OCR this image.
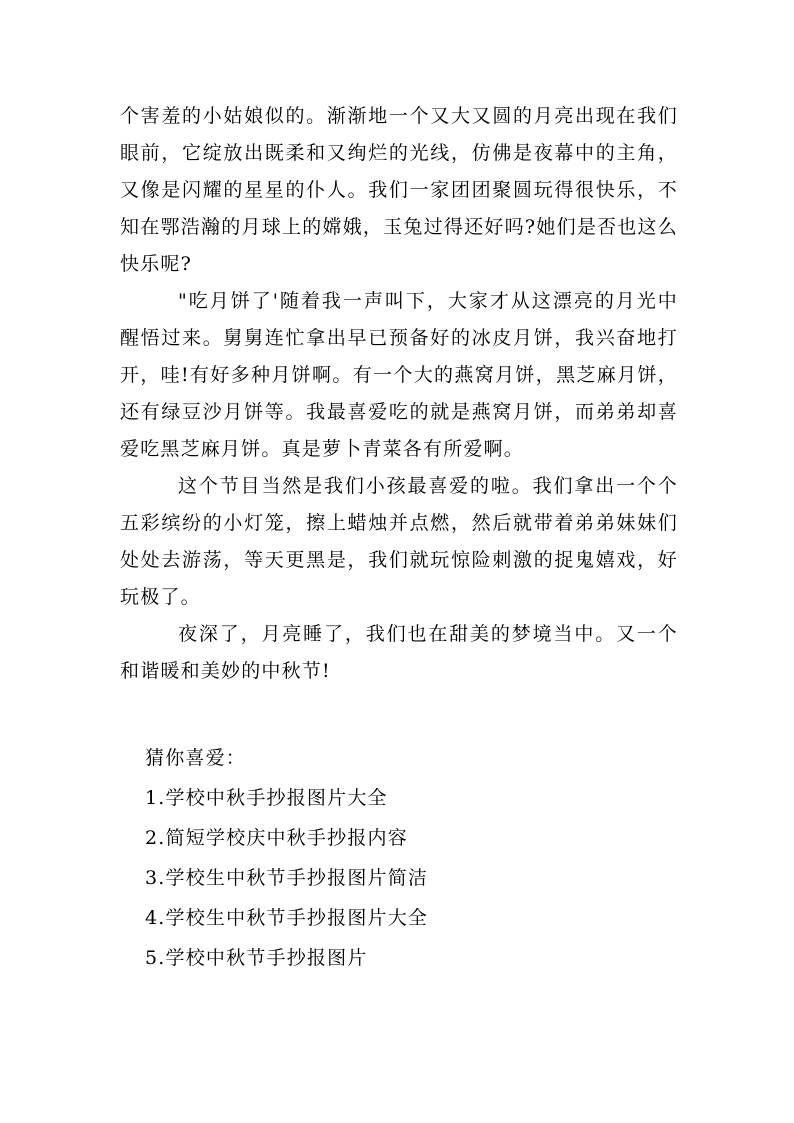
个害羞的小姑娘似的。渐渐地一个又大又圆的月亮出现在我们眼前，它绽放出既柔和又绚烂的光线，仿佛是夜幕中的主角，又像是闪耀的星星的仆人。我们一家团团聚圆玩得很快乐，不知在鄂浩瀚的月球上的嫦娥，玉兔过得还好吗?她们是否也这么快乐呢?

"吃月饼了'随着我一声叫下，大家才从这漂亮的月光中醒悟过来。舅舅连忙拿出早已预备好的冰皮月饼，我兴奋地打开，哇!有好多种月饼啊。有一个大的燕窝月饼，黑芝麻月饼，还有绿豆沙月饼等。我最喜爱吃的就是燕窝月饼，而弟弟却喜爱吃黑芝麻月饼。真是萝卜青菜各有所爱啊。

这个节目当然是我们小孩最喜爱的啦。我们拿出一个个五彩缤纷的小灯笼，擦上蜡烛并点燃，然后就带着弟弟妹妹们处处去游荡，等天更黑是，我们就玩惊险刺激的捉鬼嬉戏，好玩极了。

夜深了，月亮睡了，我们也在甜美的梦境当中。又一个和谐暖和美妙的中秋节!

猜你喜爱：

1.学校中秋手抄报图片大全
2.简短学校庆中秋手抄报内容
3.学校生中秋节手抄报图片简洁
4.学校生中秋节手抄报图片大全
5.学校中秋节手抄报图片
